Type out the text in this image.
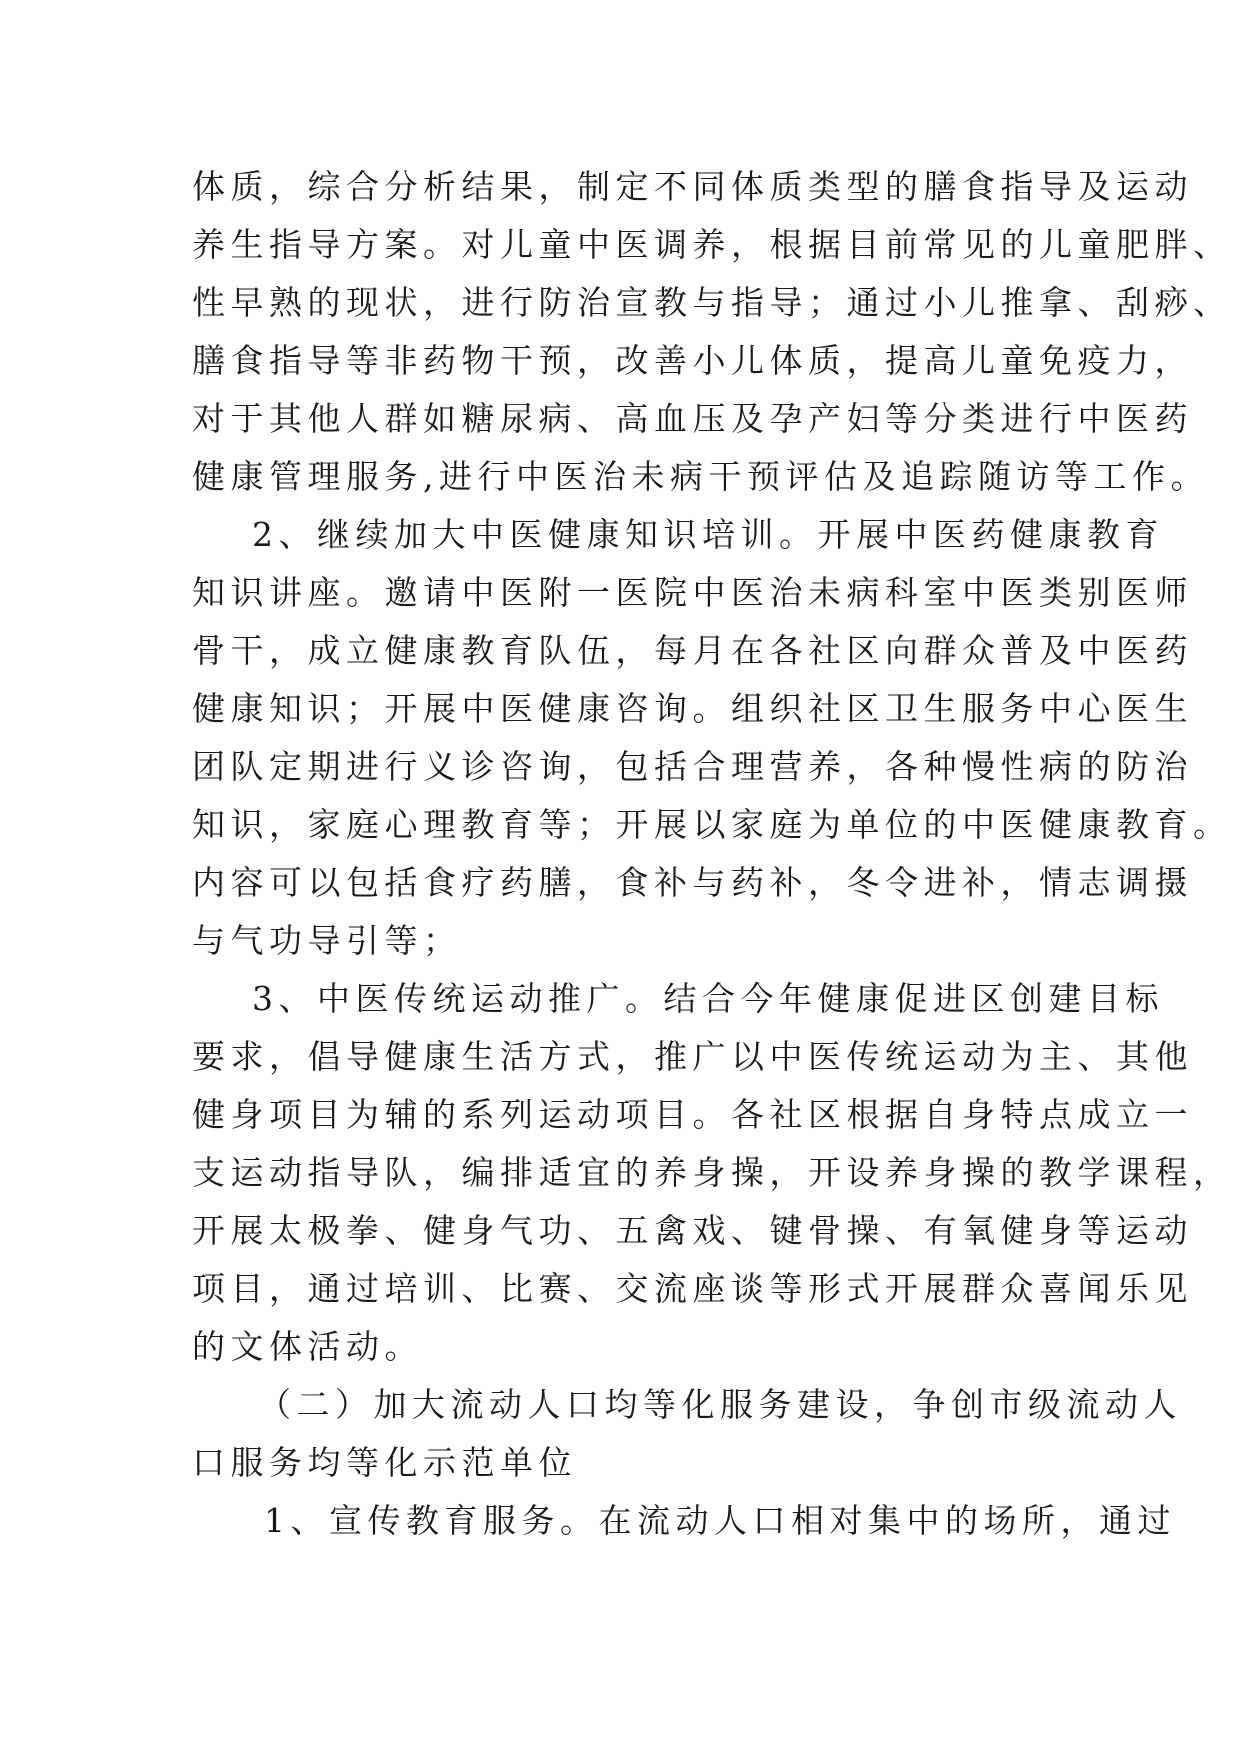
体质，综合分析结果，制定不同体质类型的膳食指导及运动
养生指导方案。对儿童中医调养，根据目前常见的儿童肥胖、
性早熟的现状，进行防治宣教与指导；通过小儿推拿、刮痧、
膳食指导等非药物干预，改善小儿体质，提高儿童免疫力，
对于其他人群如糖尿病、高血压及孕产妇等分类进行中医药
健康管理服务,进行中医治未病干预评估及追踪随访等工作。
2、继续加大中医健康知识培训。开展中医药健康教育
知识讲座。邀请中医附一医院中医治未病科室中医类别医师
骨干，成立健康教育队伍，每月在各社区向群众普及中医药
健康知识；开展中医健康咨询。组织社区卫生服务中心医生
团队定期进行义诊咨询，包括合理营养，各种慢性病的防治
知识，家庭心理教育等；开展以家庭为单位的中医健康教育。
内容可以包括食疗药膳，食补与药补，冬令进补，情志调摄
与气功导引等；
3、中医传统运动推广。结合今年健康促进区创建目标
要求，倡导健康生活方式，推广以中医传统运动为主、其他
健身项目为辅的系列运动项目。各社区根据自身特点成立一
支运动指导队，编排适宜的养身操，开设养身操的教学课程，
开展太极拳、健身气功、五禽戏、键骨操、有氧健身等运动
项目，通过培训、比赛、交流座谈等形式开展群众喜闻乐见
的文体活动。
（二）加大流动人口均等化服务建设，争创市级流动人
口服务均等化示范单位
1、宣传教育服务。在流动人口相对集中的场所，通过
